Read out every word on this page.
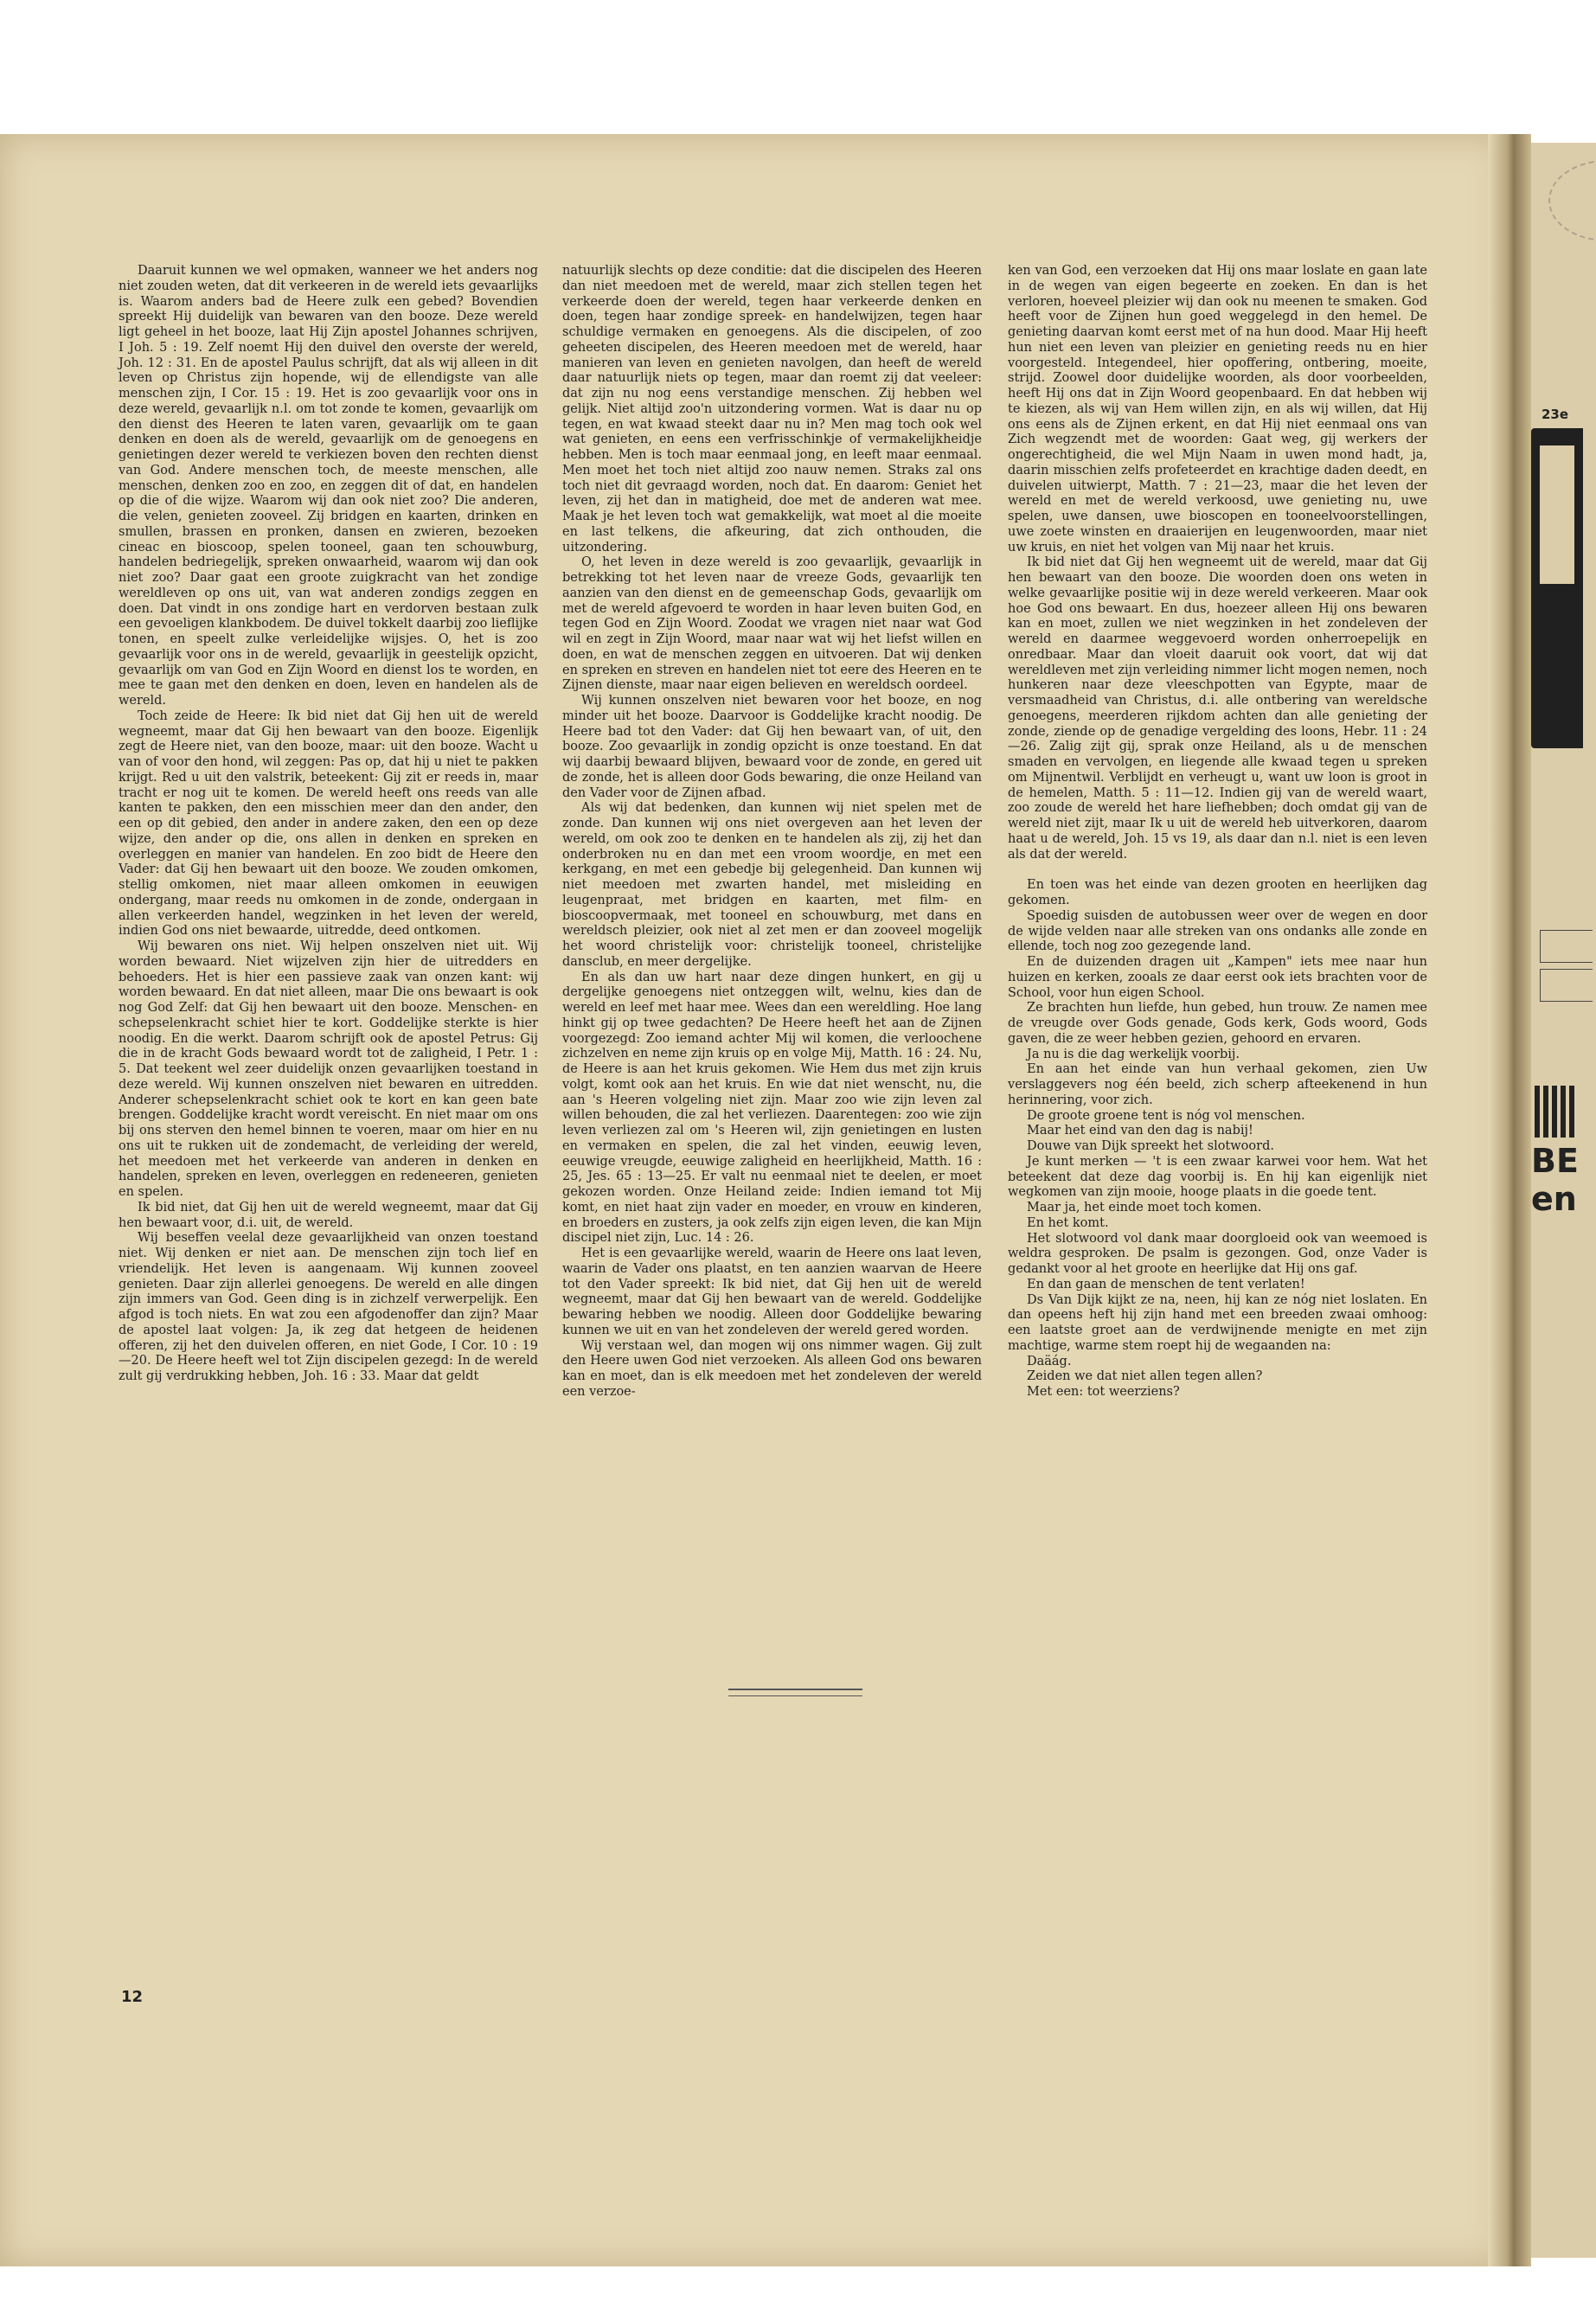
Daaruit kunnen we wel opmaken, wanneer we het anders nog niet zouden weten, dat dit verkeeren in de wereld iets gevaarlijks is. Waarom anders bad de Heere zulk een gebed? Bovendien spreekt Hij duidelijk van bewaren van den booze. Deze wereld ligt geheel in het booze, laat Hij Zijn apostel Johannes schrijven, I Joh. 5 : 19. Zelf noemt Hij den duivel den overste der wereld, Joh. 12 : 31. En de apostel Paulus schrijft, dat als wij alleen in dit leven op Christus zijn hopende, wij de ellendigste van alle menschen zijn, I Cor. 15 : 19. Het is zoo gevaarlijk voor ons in deze wereld, gevaarlijk n.l. om tot zonde te komen, gevaarlijk om den dienst des Heeren te laten varen, gevaarlijk om te gaan denken en doen als de wereld, gevaarlijk om de genoegens en genietingen dezer wereld te verkiezen boven den rechten dienst van God. Andere menschen toch, de meeste menschen, alle menschen, denken zoo en zoo, en zeggen dit of dat, en handelen op die of die wijze. Waarom wij dan ook niet zoo? Die anderen, die velen, genieten zooveel. Zij bridgen en kaarten, drinken en smullen, brassen en pronken, dansen en zwieren, bezoeken cineac en bioscoop, spelen tooneel, gaan ten schouwburg, handelen bedriegelijk, spreken onwaarheid, waarom wij dan ook niet zoo? Daar gaat een groote zuigkracht van het zondige wereldleven op ons uit, van wat anderen zondigs zeggen en doen. Dat vindt in ons zondige hart en verdorven bestaan zulk een gevoeligen klankbodem. De duivel tokkelt daarbij zoo lieflijke tonen, en speelt zulke verleidelijke wijsjes. O, het is zoo gevaarlijk voor ons in de wereld, gevaarlijk in geestelijk opzicht, gevaarlijk om van God en Zijn Woord en dienst los te worden, en mee te gaan met den denken en doen, leven en handelen als de wereld.

Toch zeide de Heere: Ik bid niet dat Gij hen uit de wereld wegneemt, maar dat Gij hen bewaart van den booze. Eigenlijk zegt de Heere niet, van den booze, maar: uit den booze. Wacht u van of voor den hond, wil zeggen: Pas op, dat hij u niet te pakken krijgt. Red u uit den valstrik, beteekent: Gij zit er reeds in, maar tracht er nog uit te komen. De wereld heeft ons reeds van alle kanten te pakken, den een misschien meer dan den ander, den een op dit gebied, den ander in andere zaken, den een op deze wijze, den ander op die, ons allen in denken en spreken en overleggen en manier van handelen. En zoo bidt de Heere den Vader: dat Gij hen bewaart uit den booze. We zouden omkomen, stellig omkomen, niet maar alleen omkomen in eeuwigen ondergang, maar reeds nu omkomen in de zonde, ondergaan in allen verkeerden handel, wegzinken in het leven der wereld, indien God ons niet bewaarde, uitredde, deed ontkomen.

Wij bewaren ons niet. Wij helpen onszelven niet uit. Wij worden bewaard. Niet wijzelven zijn hier de uitredders en behoeders. Het is hier een passieve zaak van onzen kant: wij worden bewaard. En dat niet alleen, maar Die ons bewaart is ook nog God Zelf: dat Gij hen bewaart uit den booze. Menschen- en schepselenkracht schiet hier te kort. Goddelijke sterkte is hier noodig. En die werkt. Daarom schrijft ook de apostel Petrus: Gij die in de kracht Gods bewaard wordt tot de zaligheid, I Petr. 1 : 5. Dat teekent wel zeer duidelijk onzen gevaarlijken toestand in deze wereld. Wij kunnen onszelven niet bewaren en uitredden. Anderer schepselenkracht schiet ook te kort en kan geen bate brengen. Goddelijke kracht wordt vereischt. En niet maar om ons bij ons sterven den hemel binnen te voeren, maar om hier en nu ons uit te rukken uit de zondemacht, de verleiding der wereld, het meedoen met het verkeerde van anderen in denken en handelen, spreken en leven, overleggen en redeneeren, genieten en spelen.

Ik bid niet, dat Gij hen uit de wereld wegneemt, maar dat Gij hen bewaart voor, d.i. uit, de wereld.

Wij beseffen veelal deze gevaarlijkheid van onzen toestand niet. Wij denken er niet aan. De menschen zijn toch lief en vriendelijk. Het leven is aangenaam. Wij kunnen zooveel genieten. Daar zijn allerlei genoegens. De wereld en alle dingen zijn immers van God. Geen ding is in zichzelf verwerpelijk. Een afgod is toch niets. En wat zou een afgodenoffer dan zijn? Maar de apostel laat volgen: Ja, ik zeg dat hetgeen de heidenen offeren, zij het den duivelen offeren, en niet Gode, I Cor. 10 : 19—20. De Heere heeft wel tot Zijn discipelen gezegd: In de wereld zult gij verdrukking hebben, Joh. 16 : 33. Maar dat geldt

natuurlijk slechts op deze conditie: dat die discipelen des Heeren dan niet meedoen met de wereld, maar zich stellen tegen het verkeerde doen der wereld, tegen haar verkeerde denken en doen, tegen haar zondige spreek- en handelwijzen, tegen haar schuldige vermaken en genoegens. Als die discipelen, of zoo geheeten discipelen, des Heeren meedoen met de wereld, haar manieren van leven en genieten navolgen, dan heeft de wereld daar natuurlijk niets op tegen, maar dan roemt zij dat veeleer: dat zijn nu nog eens verstandige menschen. Zij hebben wel gelijk. Niet altijd zoo'n uitzondering vormen. Wat is daar nu op tegen, en wat kwaad steekt daar nu in? Men mag toch ook wel wat genieten, en eens een verfrisschinkje of vermakelijkheidje hebben. Men is toch maar eenmaal jong, en leeft maar eenmaal. Men moet het toch niet altijd zoo nauw nemen. Straks zal ons toch niet dit gevraagd worden, noch dat. En daarom: Geniet het leven, zij het dan in matigheid, doe met de anderen wat mee. Maak je het leven toch wat gemakkelijk, wat moet al die moeite en last telkens, die afkeuring, dat zich onthouden, die uitzondering.

O, het leven in deze wereld is zoo gevaarlijk, gevaarlijk in betrekking tot het leven naar de vreeze Gods, gevaarlijk ten aanzien van den dienst en de gemeenschap Gods, gevaarlijk om met de wereld afgevoerd te worden in haar leven buiten God, en tegen God en Zijn Woord. Zoodat we vragen niet naar wat God wil en zegt in Zijn Woord, maar naar wat wij het liefst willen en doen, en wat de menschen zeggen en uitvoeren. Dat wij denken en spreken en streven en handelen niet tot eere des Heeren en te Zijnen dienste, maar naar eigen believen en wereldsch oordeel.

Wij kunnen onszelven niet bewaren voor het booze, en nog minder uit het booze. Daarvoor is Goddelijke kracht noodig. De Heere bad tot den Vader: dat Gij hen bewaart van, of uit, den booze. Zoo gevaarlijk in zondig opzicht is onze toestand. En dat wij daarbij bewaard blijven, bewaard voor de zonde, en gered uit de zonde, het is alleen door Gods bewaring, die onze Heiland van den Vader voor de Zijnen afbad.

Als wij dat bedenken, dan kunnen wij niet spelen met de zonde. Dan kunnen wij ons niet overgeven aan het leven der wereld, om ook zoo te denken en te handelen als zij, zij het dan onderbroken nu en dan met een vroom woordje, en met een kerkgang, en met een gebedje bij gelegenheid. Dan kunnen wij niet meedoen met zwarten handel, met misleiding en leugenpraat, met bridgen en kaarten, met film- en bioscoopvermaak, met tooneel en schouwburg, met dans en wereldsch pleizier, ook niet al zet men er dan zooveel mogelijk het woord christelijk voor: christelijk tooneel, christelijke dansclub, en meer dergelijke.

En als dan uw hart naar deze dingen hunkert, en gij u dergelijke genoegens niet ontzeggen wilt, welnu, kies dan de wereld en leef met haar mee. Wees dan een wereldling. Hoe lang hinkt gij op twee gedachten? De Heere heeft het aan de Zijnen voorgezegd: Zoo iemand achter Mij wil komen, die verloochene zichzelven en neme zijn kruis op en volge Mij, Matth. 16 : 24. Nu, de Heere is aan het kruis gekomen. Wie Hem dus met zijn kruis volgt, komt ook aan het kruis. En wie dat niet wenscht, nu, die aan 's Heeren volgeling niet zijn. Maar zoo wie zijn leven zal willen behouden, die zal het verliezen. Daarentegen: zoo wie zijn leven verliezen zal om 's Heeren wil, zijn genietingen en lusten en vermaken en spelen, die zal het vinden, eeuwig leven, eeuwige vreugde, eeuwige zaligheid en heerlijkheid, Matth. 16 : 25, Jes. 65 : 13—25. Er valt nu eenmaal niet te deelen, er moet gekozen worden. Onze Heiland zeide: Indien iemand tot Mij komt, en niet haat zijn vader en moeder, en vrouw en kinderen, en broeders en zusters, ja ook zelfs zijn eigen leven, die kan Mijn discipel niet zijn, Luc. 14 : 26.

Het is een gevaarlijke wereld, waarin de Heere ons laat leven, waarin de Vader ons plaatst, en ten aanzien waarvan de Heere tot den Vader spreekt: Ik bid niet, dat Gij hen uit de wereld wegneemt, maar dat Gij hen bewaart van de wereld. Goddelijke bewaring hebben we noodig. Alleen door Goddelijke bewaring kunnen we uit en van het zondeleven der wereld gered worden.

Wij verstaan wel, dan mogen wij ons nimmer wagen. Gij zult den Heere uwen God niet verzoeken. Als alleen God ons bewaren kan en moet, dan is elk meedoen met het zondeleven der wereld een verzoe-

ken van God, een verzoeken dat Hij ons maar loslate en gaan late in de wegen van eigen begeerte en zoeken. En dan is het verloren, hoeveel pleizier wij dan ook nu meenen te smaken. God heeft voor de Zijnen hun goed weggelegd in den hemel. De genieting daarvan komt eerst met of na hun dood. Maar Hij heeft hun niet een leven van pleizier en genieting reeds nu en hier voorgesteld. Integendeel, hier opoffering, ontbering, moeite, strijd. Zoowel door duidelijke woorden, als door voorbeelden, heeft Hij ons dat in Zijn Woord geopenbaard. En dat hebben wij te kiezen, als wij van Hem willen zijn, en als wij willen, dat Hij ons eens als de Zijnen erkent, en dat Hij niet eenmaal ons van Zich wegzendt met de woorden: Gaat weg, gij werkers der ongerechtigheid, die wel Mijn Naam in uwen mond hadt, ja, daarin misschien zelfs profeteerdet en krachtige daden deedt, en duivelen uitwierpt, Matth. 7 : 21—23, maar die het leven der wereld en met de wereld verkoosd, uwe genieting nu, uwe spelen, uwe dansen, uwe bioscopen en tooneelvoorstellingen, uwe zoete winsten en draaierijen en leugenwoorden, maar niet uw kruis, en niet het volgen van Mij naar het kruis.

Ik bid niet dat Gij hen wegneemt uit de wereld, maar dat Gij hen bewaart van den booze. Die woorden doen ons weten in welke gevaarlijke positie wij in deze wereld verkeeren. Maar ook hoe God ons bewaart. En dus, hoezeer alleen Hij ons bewaren kan en moet, zullen we niet wegzinken in het zondeleven der wereld en daarmee weggevoerd worden onherroepelijk en onredbaar. Maar dan vloeit daaruit ook voort, dat wij dat wereldleven met zijn verleiding nimmer licht mogen nemen, noch hunkeren naar deze vleeschpotten van Egypte, maar de versmaadheid van Christus, d.i. alle ontbering van wereldsche genoegens, meerderen rijkdom achten dan alle genieting der zonde, ziende op de genadige vergelding des loons, Hebr. 11 : 24—26. Zalig zijt gij, sprak onze Heiland, als u de menschen smaden en vervolgen, en liegende alle kwaad tegen u spreken om Mijnentwil. Verblijdt en verheugt u, want uw loon is groot in de hemelen, Matth. 5 : 11—12. Indien gij van de wereld waart, zoo zoude de wereld het hare liefhebben; doch omdat gij van de wereld niet zijt, maar Ik u uit de wereld heb uitverkoren, daarom haat u de wereld, Joh. 15 vs 19, als daar dan n.l. niet is een leven als dat der wereld.

En toen was het einde van dezen grooten en heerlijken dag gekomen.

Spoedig suisden de autobussen weer over de wegen en door de wijde velden naar alle streken van ons ondanks alle zonde en ellende, toch nog zoo gezegende land.

En de duizenden dragen uit „Kampen" iets mee naar hun huizen en kerken, zooals ze daar eerst ook iets brachten voor de School, voor hun eigen School.

Ze brachten hun liefde, hun gebed, hun trouw. Ze namen mee de vreugde over Gods genade, Gods kerk, Gods woord, Gods gaven, die ze weer hebben gezien, gehoord en ervaren.

Ja nu is die dag werkelijk voorbij.

En aan het einde van hun verhaal gekomen, zien Uw verslaggevers nog één beeld, zich scherp afteekenend in hun herinnering, voor zich.

De groote groene tent is nóg vol menschen.

Maar het eind van den dag is nabij!

Douwe van Dijk spreekt het slotwoord.

Je kunt merken — 't is een zwaar karwei voor hem. Wat het beteekent dat deze dag voorbij is. En hij kan eigenlijk niet wegkomen van zijn mooie, hooge plaats in die goede tent.

Maar ja, het einde moet toch komen.

En het komt.

Het slotwoord vol dank maar doorgloeid ook van weemoed is weldra gesproken. De psalm is gezongen. God, onze Vader is gedankt voor al het groote en heerlijke dat Hij ons gaf.

En dan gaan de menschen de tent verlaten!

Ds Van Dijk kijkt ze na, neen, hij kan ze nóg niet loslaten. En dan opeens heft hij zijn hand met een breeden zwaai omhoog: een laatste groet aan de verdwijnende menigte en met zijn machtige, warme stem roept hij de wegaanden na:

Daäág.

Zeiden we dat niet allen tegen allen?

Met een: tot weerziens?

12
23e
BE
en
